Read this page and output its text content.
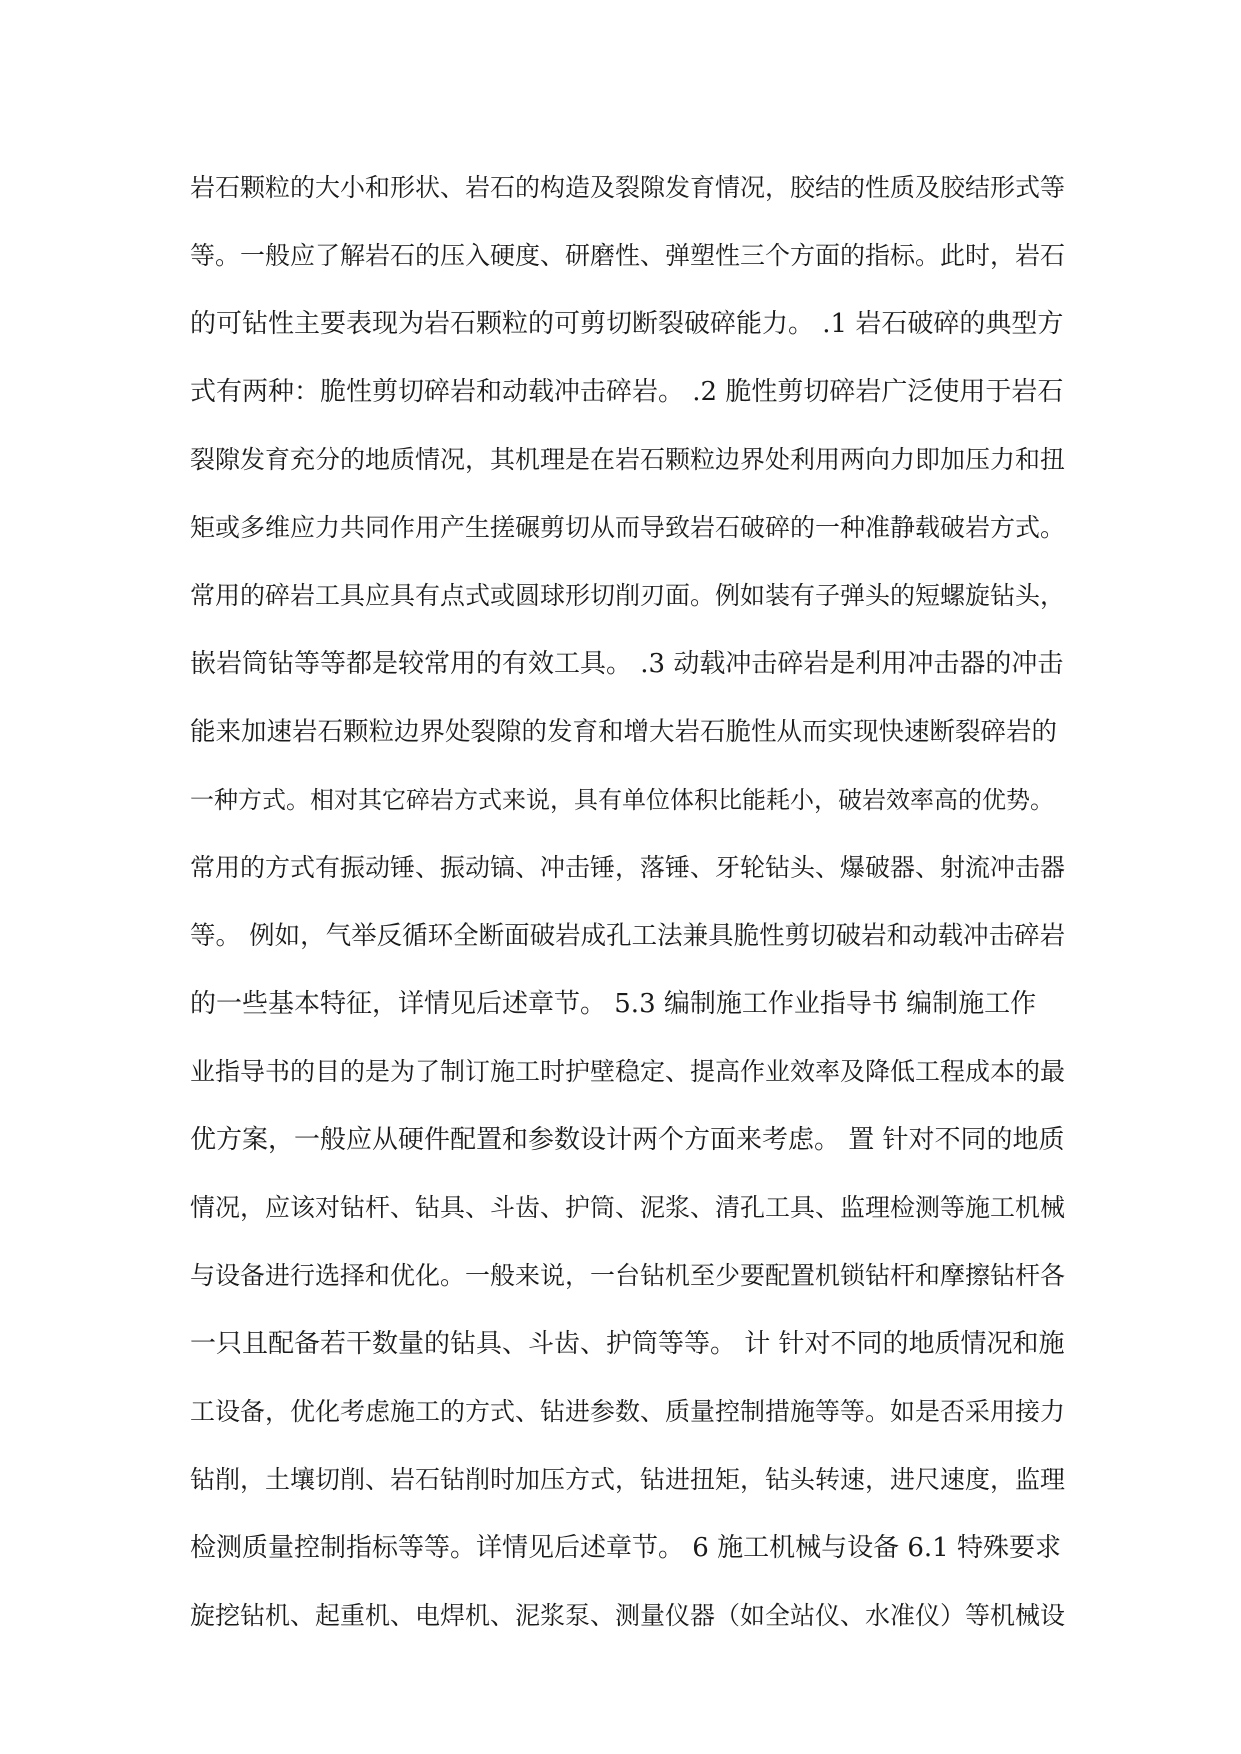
岩石颗粒的大小和形状、岩石的构造及裂隙发育情况，胶结的性质及胶结形式等
等。一般应了解岩石的压入硬度、研磨性、弹塑性三个方面的指标。此时，岩石
的可钻性主要表现为岩石颗粒的可剪切断裂破碎能力。 .1 岩石破碎的典型方
式有两种：脆性剪切碎岩和动载冲击碎岩。 .2 脆性剪切碎岩广泛使用于岩石
裂隙发育充分的地质情况，其机理是在岩石颗粒边界处利用两向力即加压力和扭
矩或多维应力共同作用产生搓碾剪切从而导致岩石破碎的一种准静载破岩方式。
常用的碎岩工具应具有点式或圆球形切削刃面。例如装有子弹头的短螺旋钻头，
嵌岩筒钻等等都是较常用的有效工具。 .3 动载冲击碎岩是利用冲击器的冲击
能来加速岩石颗粒边界处裂隙的发育和增大岩石脆性从而实现快速断裂碎岩的
一种方式。相对其它碎岩方式来说，具有单位体积比能耗小，破岩效率高的优势。
常用的方式有振动锤、振动镐、冲击锤，落锤、牙轮钻头、爆破器、射流冲击器
等。 例如，气举反循环全断面破岩成孔工法兼具脆性剪切破岩和动载冲击碎岩
的一些基本特征，详情见后述章节。 5.3 编制施工作业指导书 编制施工作
业指导书的目的是为了制订施工时护壁稳定、提高作业效率及降低工程成本的最
优方案，一般应从硬件配置和参数设计两个方面来考虑。 置 针对不同的地质
情况，应该对钻杆、钻具、斗齿、护筒、泥浆、清孔工具、监理检测等施工机械
与设备进行选择和优化。一般来说，一台钻机至少要配置机锁钻杆和摩擦钻杆各
一只且配备若干数量的钻具、斗齿、护筒等等。 计 针对不同的地质情况和施
工设备，优化考虑施工的方式、钻进参数、质量控制措施等等。如是否采用接力
钻削，土壤切削、岩石钻削时加压方式，钻进扭矩，钻头转速，进尺速度，监理
检测质量控制指标等等。详情见后述章节。 6 施工机械与设备 6.1 特殊要求
旋挖钻机、起重机、电焊机、泥浆泵、测量仪器（如全站仪、水准仪）等机械设
